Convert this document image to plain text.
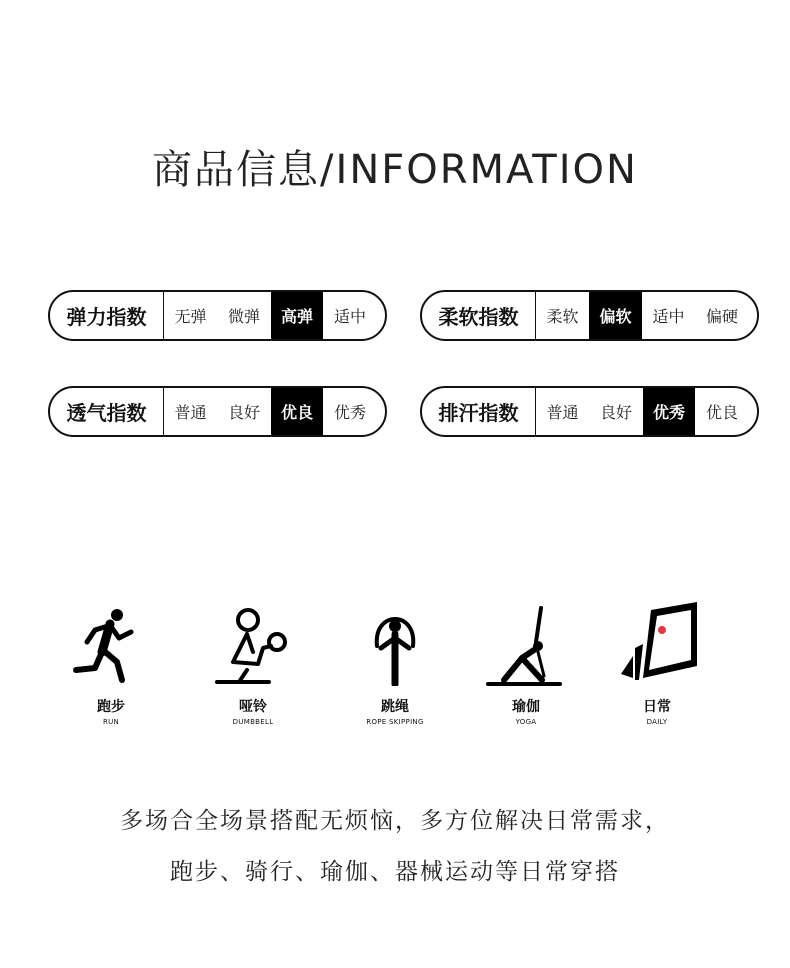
商品信息/INFORMATION
弹力指数	无弹	微弹	高弹	适中	柔软指数	柔软	偏软	适中	偏硬
透气指数	普通	良好	优良	优秀	排汗指数	普通	良好	优秀	优良
跑步
RUN
哑铃
DUMBBELL
跳绳
ROPE SKIPPING
瑜伽
YOGA
日常
DAILY
多场合全场景搭配无烦恼，多方位解决日常需求，
跑步、骑行、瑜伽、器械运动等日常穿搭
